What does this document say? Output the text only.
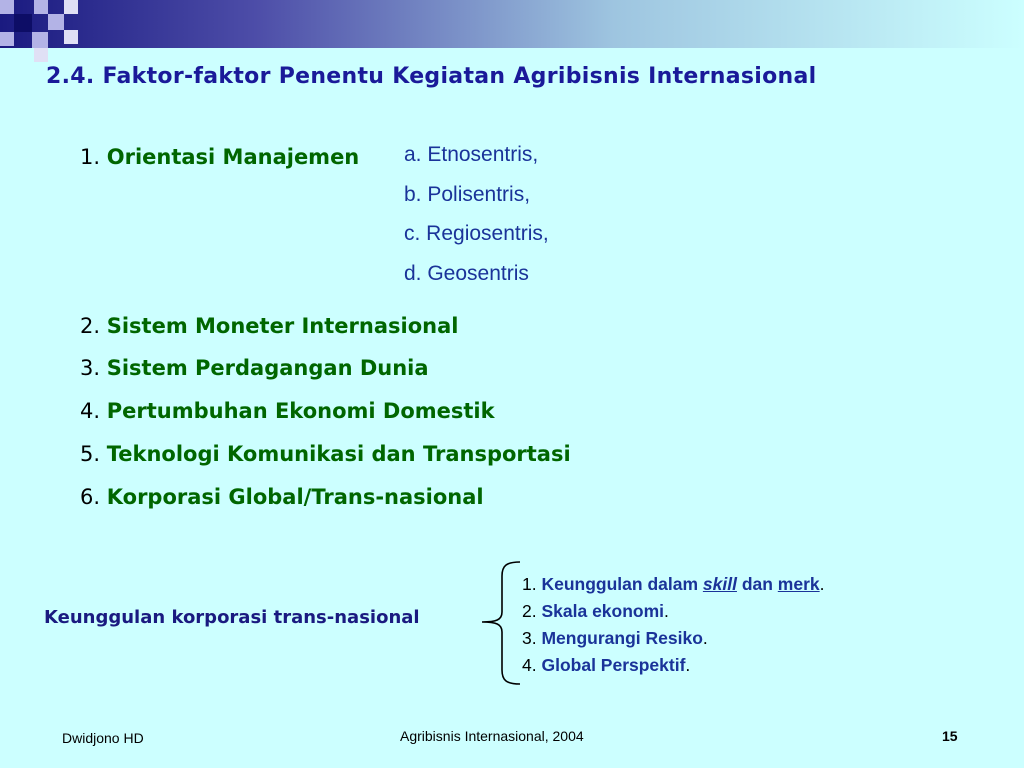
2.4. Faktor-faktor Penentu Kegiatan Agribisnis Internasional
1. Orientasi Manajemen a. Etnosentris,
b. Polisentris,
c. Regiosentris,
d. Geosentris
2. Sistem Moneter Internasional
3. Sistem Perdagangan Dunia
4. Pertumbuhan Ekonomi Domestik
5. Teknologi Komunikasi dan Transportasi
6. Korporasi Global/Trans-nasional
Keunggulan korporasi trans-nasional
1. Keunggulan dalam skill dan merk.
2. Skala ekonomi.
3. Mengurangi Resiko.
4. Global Perspektif.
Dwidjono HD	Agribisnis Internasional, 2004	15
